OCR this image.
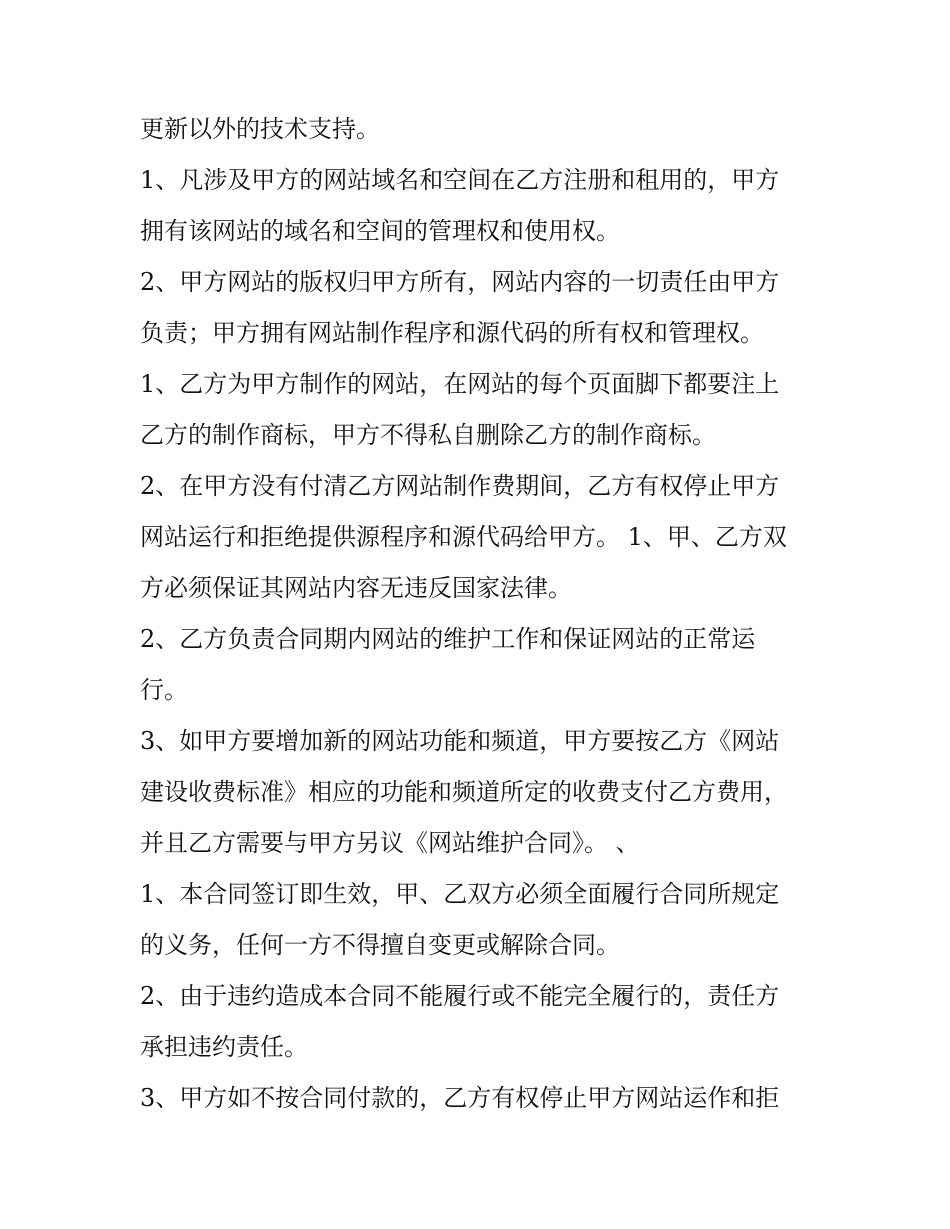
更新以外的技术支持。
1、凡涉及甲方的网站域名和空间在乙方注册和租用的，甲方
拥有该网站的域名和空间的管理权和使用权。
2、甲方网站的版权归甲方所有，网站内容的一切责任由甲方
负责；甲方拥有网站制作程序和源代码的所有权和管理权。
1、乙方为甲方制作的网站，在网站的每个页面脚下都要注上
乙方的制作商标，甲方不得私自删除乙方的制作商标。
2、在甲方没有付清乙方网站制作费期间，乙方有权停止甲方
网站运行和拒绝提供源程序和源代码给甲方。 1、甲、乙方双
方必须保证其网站内容无违反国家法律。
2、乙方负责合同期内网站的维护工作和保证网站的正常运
行。
3、如甲方要增加新的网站功能和频道，甲方要按乙方《网站
建设收费标准》相应的功能和频道所定的收费支付乙方费用，
并且乙方需要与甲方另议《网站维护合同》。 、
1、本合同签订即生效，甲、乙双方必须全面履行合同所规定
的义务，任何一方不得擅自变更或解除合同。
2、由于违约造成本合同不能履行或不能完全履行的，责任方
承担违约责任。
3、甲方如不按合同付款的，乙方有权停止甲方网站运作和拒
